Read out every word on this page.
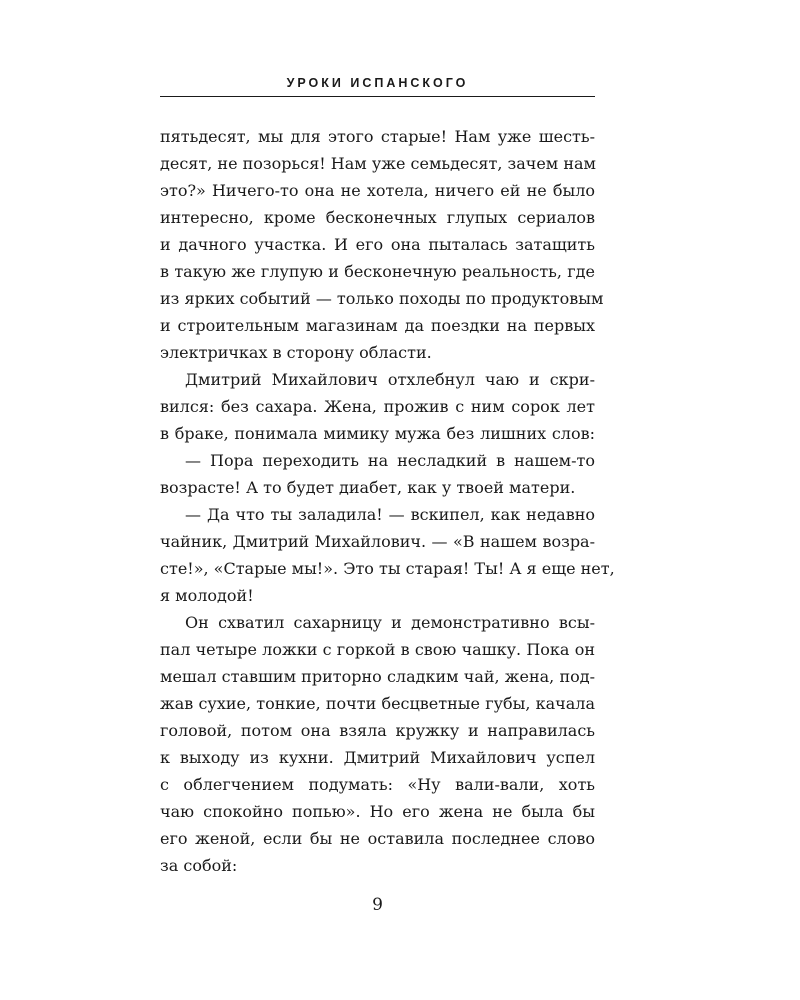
УРОКИ ИСПАНСКОГО
пятьдесят, мы для этого старые! Нам уже шесть-
десят, не позорься! Нам уже семьдесят, зачем нам
это?» Ничего-то она не хотела, ничего ей не было
интересно, кроме бесконечных глупых сериалов
и дачного участка. И его она пыталась затащить
в такую же глупую и бесконечную реальность, где
из ярких событий — только походы по продуктовым
и строительным магазинам да поездки на первых
электричках в сторону области.
Дмитрий Михайлович отхлебнул чаю и скри-
вился: без сахара. Жена, прожив с ним сорок лет
в браке, понимала мимику мужа без лишних слов:
— Пора переходить на несладкий в нашем-то
возрасте! А то будет диабет, как у твоей матери.
— Да что ты заладила! — вскипел, как недавно
чайник, Дмитрий Михайлович. — «В нашем возра-
сте!», «Старые мы!». Это ты старая! Ты! А я еще нет,
я молодой!
Он схватил сахарницу и демонстративно всы-
пал четыре ложки с горкой в свою чашку. Пока он
мешал ставшим приторно сладким чай, жена, под-
жав сухие, тонкие, почти бесцветные губы, качала
головой, потом она взяла кружку и направилась
к выходу из кухни. Дмитрий Михайлович успел
с облегчением подумать: «Ну вали-вали, хоть
чаю спокойно попью». Но его жена не была бы
его женой, если бы не оставила последнее слово
за собой:
9
